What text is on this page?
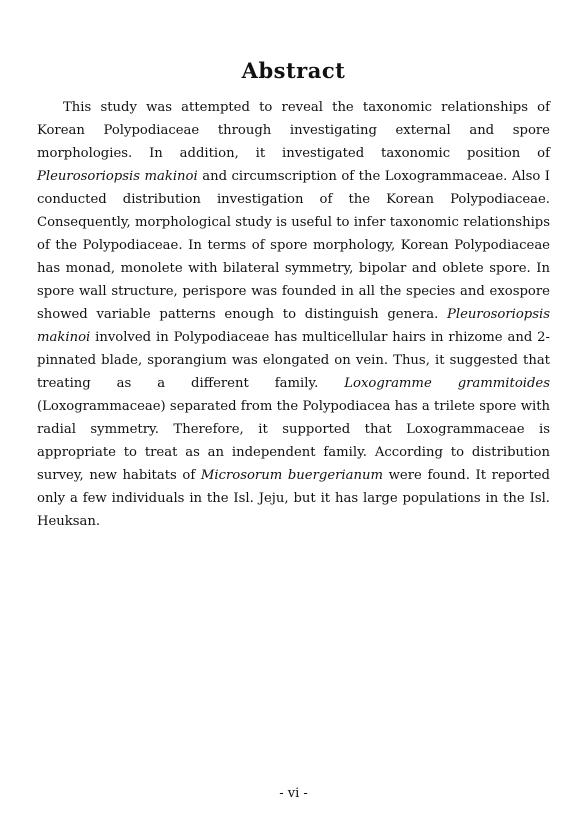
Abstract

This study was attempted to reveal the taxonomic relationships of Korean Polypodiaceae through investigating external and spore morphologies. In addition, it investigated taxonomic position of Pleurosoriopsis makinoi and circumscription of the Loxogrammaceae. Also I conducted distribution investigation of the Korean Polypodiaceae. Consequently, morphological study is useful to infer taxonomic relationships of the Polypodiaceae. In terms of spore morphology, Korean Polypodiaceae has monad, monolete with bilateral symmetry, bipolar and oblete spore. In spore wall structure, perispore was founded in all the species and exospore showed variable patterns enough to distinguish genera. Pleurosoriopsis makinoi involved in Polypodiaceae has multicellular hairs in rhizome and 2-pinnated blade, sporangium was elongated on vein. Thus, it suggested that treating as a different family. Loxogramme grammitoides (Loxogrammaceae) separated from the Polypodiacea has a trilete spore with radial symmetry. Therefore, it supported that Loxogrammaceae is appropriate to treat as an independent family. According to distribution survey, new habitats of Microsorum buergerianum were found. It reported only a few individuals in the Isl. Jeju, but it has large populations in the Isl. Heuksan.

- vi -
